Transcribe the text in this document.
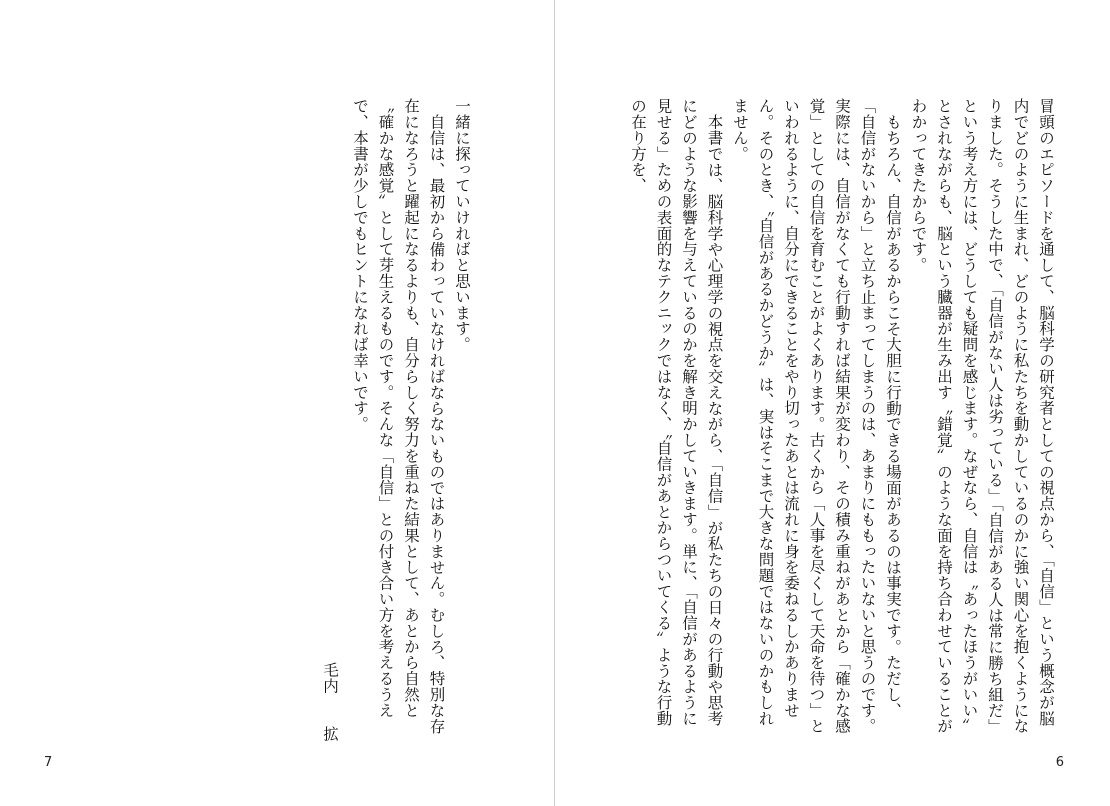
一緒に探っていければと思います。

自信は、最初から備わっていなければならないものではありません。むしろ、特別な存在になろうと躍起になるよりも、自分らしく努力を重ねた結果として、あとから自然と〝確かな感覚〟として芽生えるものです。そんな「自信」との付き合い方を考えるうえで、本書が少しでもヒントになれば幸いです。

毛内
拡
7

冒頭のエピソードを通して、脳科学の研究者としての視点から、「自信」という概念が脳内でどのように生まれ、どのように私たちを動かしているのかに強い関心を抱くようになりました。そうした中で、「自信がない人は劣っている」「自信がある人は常に勝ち組だ」という考え方には、どうしても疑問を感じます。なぜなら、自信は〝あったほうがいい〟とされながらも、脳という臓器が生み出す〝錯覚〟のような面を持ち合わせていることがわかってきたからです。

もちろん、自信があるからこそ大胆に行動できる場面があるのは事実です。ただし、「自信がないから」と立ち止まってしまうのは、あまりにももったいないと思うのです。実際には、自信がなくても行動すれば結果が変わり、その積み重ねがあとから「確かな感覚」としての自信を育むことがよくあります。古くから「人事を尽くして天命を待つ」といわれるように、自分にできることをやり切ったあとは流れに身を委ねるしかありません。そのとき、〝自信があるかどうか〟は、実はそこまで大きな問題ではないのかもしれません。

本書では、脳科学や心理学の視点を交えながら、「自信」が私たちの日々の行動や思考にどのような影響を与えているのかを解き明かしていきます。単に、「自信があるように見せる」ための表面的なテクニックではなく、〝自信があとからついてくる〟ような行動の在り方を、

6
